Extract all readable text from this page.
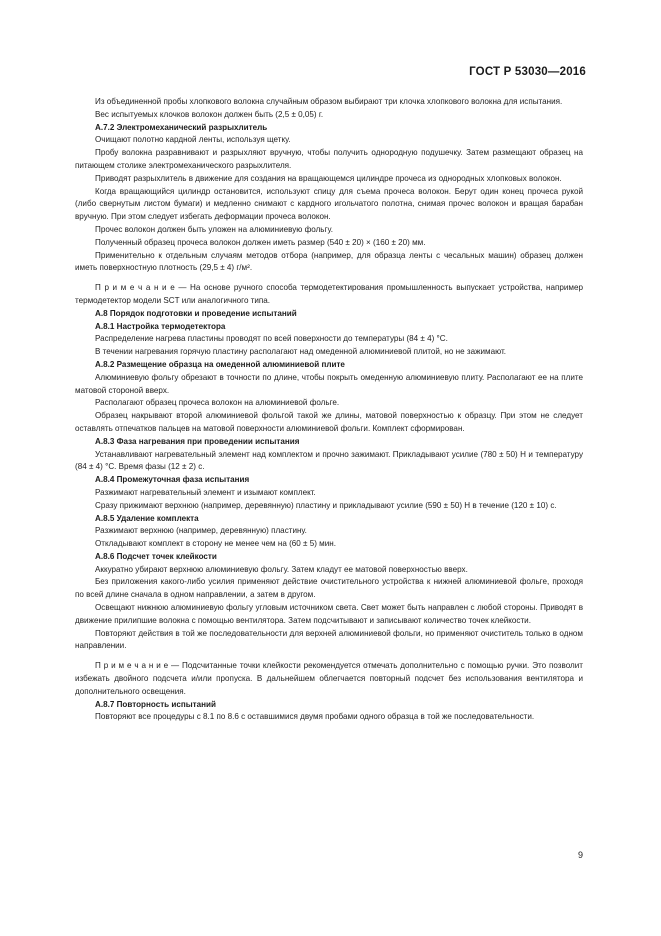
ГОСТ Р 53030—2016

Из объединенной пробы хлопкового волокна случайным образом выбирают три клочка хлопкового волокна для испытания.

Вес испытуемых клочков волокон должен быть (2,5 ± 0,05) г.

A.7.2 Электромеханический разрыхлитель

Очищают полотно кардной ленты, используя щетку.

Пробу волокна разравнивают и разрыхляют вручную, чтобы получить однородную подушечку. Затем размещают образец на питающем столике электромеханического разрыхлителя.

Приводят разрыхлитель в движение для создания на вращающемся цилиндре прочеса из однородных хлопковых волокон.

Когда вращающийся цилиндр остановится, используют спицу для съема прочеса волокон. Берут один конец прочеса рукой (либо свернутым листом бумаги) и медленно снимают с кардного игольчатого полотна, снимая прочес волокон и вращая барабан вручную. При этом следует избегать деформации прочеса волокон.

Прочес волокон должен быть уложен на алюминиевую фольгу.

Полученный образец прочеса волокон должен иметь размер (540 ± 20) × (160 ± 20) мм.

Применительно к отдельным случаям методов отбора (например, для образца ленты с чесальных машин) образец должен иметь поверхностную плотность (29,5 ± 4) г/м².

П р и м е ч а н и е — На основе ручного способа термодетектирования промышленность выпускает устройства, например термодетектор модели SCT или аналогичного типа.

A.8 Порядок подготовки и проведение испытаний

A.8.1 Настройка термодетектора

Распределение нагрева пластины проводят по всей поверхности до температуры (84 ± 4) °С.

В течении нагревания горячую пластину располагают над омеденной алюминиевой плитой, но не зажимают.

A.8.2 Размещение образца на омеденной алюминиевой плите

Алюминиевую фольгу обрезают в точности по длине, чтобы покрыть омеденную алюминиевую плиту. Располагают ее на плите матовой стороной вверх.

Располагают образец прочеса волокон на алюминиевой фольге.

Образец накрывают второй алюминиевой фольгой такой же длины, матовой поверхностью к образцу. При этом не следует оставлять отпечатков пальцев на матовой поверхности алюминиевой фольги. Комплект сформирован.

A.8.3 Фаза нагревания при проведении испытания

Устанавливают нагревательный элемент над комплектом и прочно зажимают. Прикладывают усилие (780 ± 50) Н и температуру (84 ± 4) °С. Время фазы (12 ± 2) с.

A.8.4 Промежуточная фаза испытания

Разжимают нагревательный элемент и изымают комплект.

Сразу прижимают верхнюю (например, деревянную) пластину и прикладывают усилие (590 ± 50) Н в течение (120 ± 10) с.

A.8.5 Удаление комплекта

Разжимают верхнюю (например, деревянную) пластину.

Откладывают комплект в сторону не менее чем на (60 ± 5) мин.

A.8.6 Подсчет точек клейкости

Аккуратно убирают верхнюю алюминиевую фольгу. Затем кладут ее матовой поверхностью вверх.

Без приложения какого-либо усилия применяют действие очистительного устройства к нижней алюминиевой фольге, проходя по всей длине сначала в одном направлении, а затем в другом.

Освещают нижнюю алюминиевую фольгу угловым источником света. Свет может быть направлен с любой стороны. Приводят в движение прилипшие волокна с помощью вентилятора. Затем подсчитывают и записывают количество точек клейкости.

Повторяют действия в той же последовательности для верхней алюминиевой фольги, но применяют очиститель только в одном направлении.

П р и м е ч а н и е — Подсчитанные точки клейкости рекомендуется отмечать дополнительно с помощью ручки. Это позволит избежать двойного подсчета и/или пропуска. В дальнейшем облегчается повторный подсчет без использования вентилятора и дополнительного освещения.

A.8.7 Повторность испытаний

Повторяют все процедуры с 8.1 по 8.6 с оставшимися двумя пробами одного образца в той же последовательности.

9
